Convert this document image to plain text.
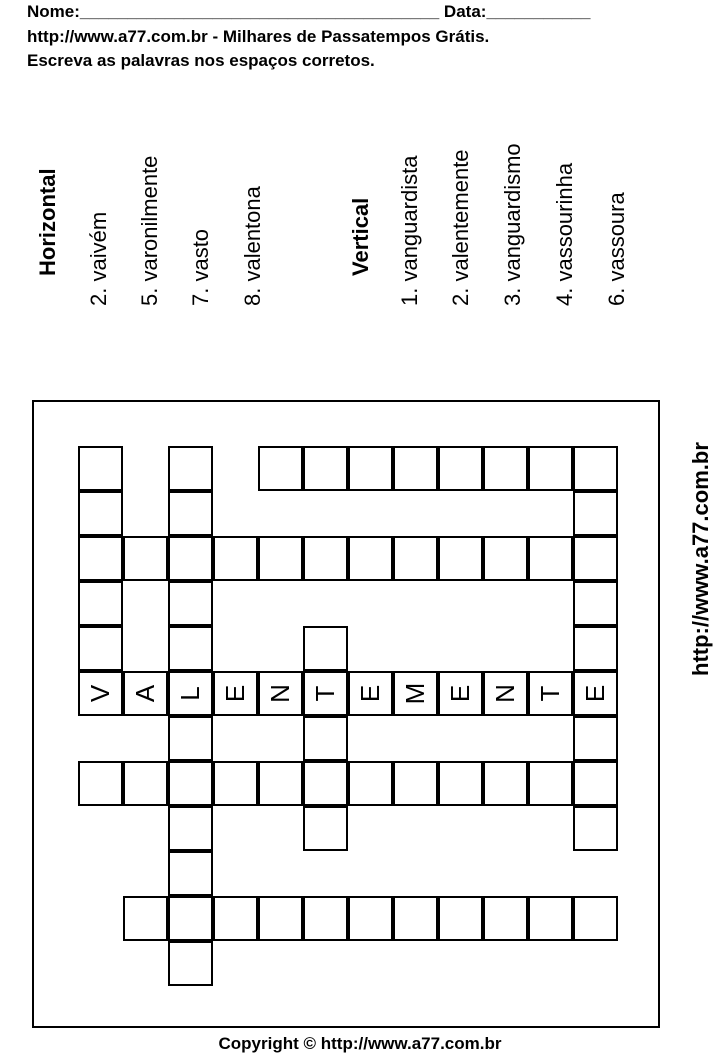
Nome:______________________________________ Data:___________
http://www.a77.com.br - Milhares de Passatempos Grátis.
Escreva as palavras nos espaços corretos.
Horizontal 2. vaivém 5. varonilmente 7. vasto 8. valentona	Vertical 1. vanguardista 2. valentemente 3. vanguardismo 4. vassourinha 6. vassoura
http://www.a77.com.br
V A L E N T E M E N T E
Copyright © http://www.a77.com.br
